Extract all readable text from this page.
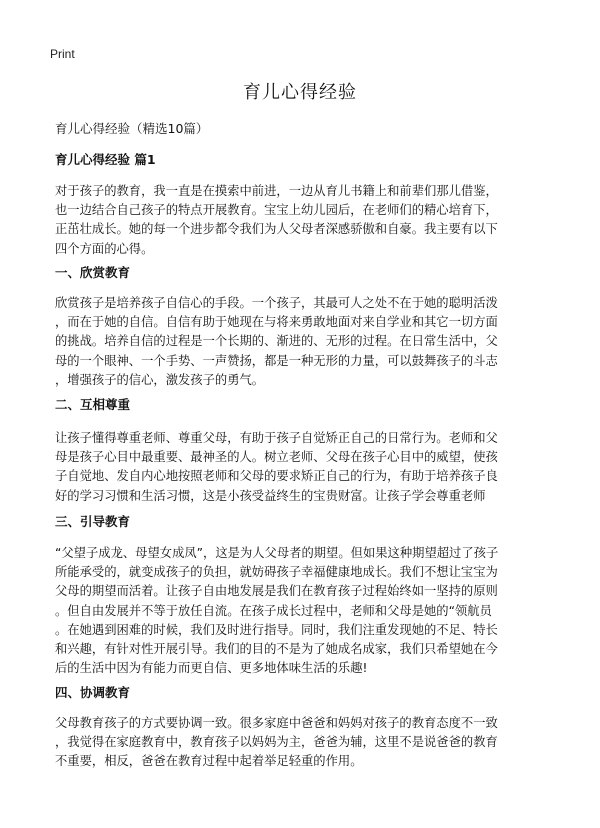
Print
育儿心得经验
育儿心得经验（精选10篇）
育儿心得经验 篇1
对于孩子的教育，我一直是在摸索中前进，一边从育儿书籍上和前辈们那儿借鉴，
也一边结合自己孩子的特点开展教育。宝宝上幼儿园后，在老师们的精心培育下，
正茁壮成长。她的每一个进步都令我们为人父母者深感骄傲和自豪。我主要有以下
四个方面的心得。
一、欣赏教育
欣赏孩子是培养孩子自信心的手段。一个孩子，其最可人之处不在于她的聪明活泼
，而在于她的自信。自信有助于她现在与将来勇敢地面对来自学业和其它一切方面
的挑战。培养自信的过程是一个长期的、渐进的、无形的过程。在日常生活中，父
母的一个眼神、一个手势、一声赞扬，都是一种无形的力量，可以鼓舞孩子的斗志
，增强孩子的信心，激发孩子的勇气。
二、互相尊重
让孩子懂得尊重老师、尊重父母，有助于孩子自觉矫正自己的日常行为。老师和父
母是孩子心目中最重要、最神圣的人。树立老师、父母在孩子心目中的威望，使孩
子自觉地、发自内心地按照老师和父母的要求矫正自己的行为，有助于培养孩子良
好的学习习惯和生活习惯，这是小孩受益终生的宝贵财富。让孩子学会尊重老师
三、引导教育
“父望子成龙、母望女成凤”，这是为人父母者的期望。但如果这种期望超过了孩子
所能承受的，就变成孩子的负担，就妨碍孩子幸福健康地成长。我们不想让宝宝为
父母的期望而活着。让孩子自由地发展是我们在教育孩子过程始终如一坚持的原则
。但自由发展并不等于放任自流。在孩子成长过程中，老师和父母是她的“领航员
。在她遇到困难的时候，我们及时进行指导。同时，我们注重发现她的不足、特长
和兴趣，有针对性开展引导。我们的目的不是为了她成名成家，我们只希望她在今
后的生活中因为有能力而更自信、更多地体味生活的乐趣!
四、协调教育
父母教育孩子的方式要协调一致。很多家庭中爸爸和妈妈对孩子的教育态度不一致
，我觉得在家庭教育中，教育孩子以妈妈为主，爸爸为辅，这里不是说爸爸的教育
不重要，相反，爸爸在教育过程中起着举足轻重的作用。
